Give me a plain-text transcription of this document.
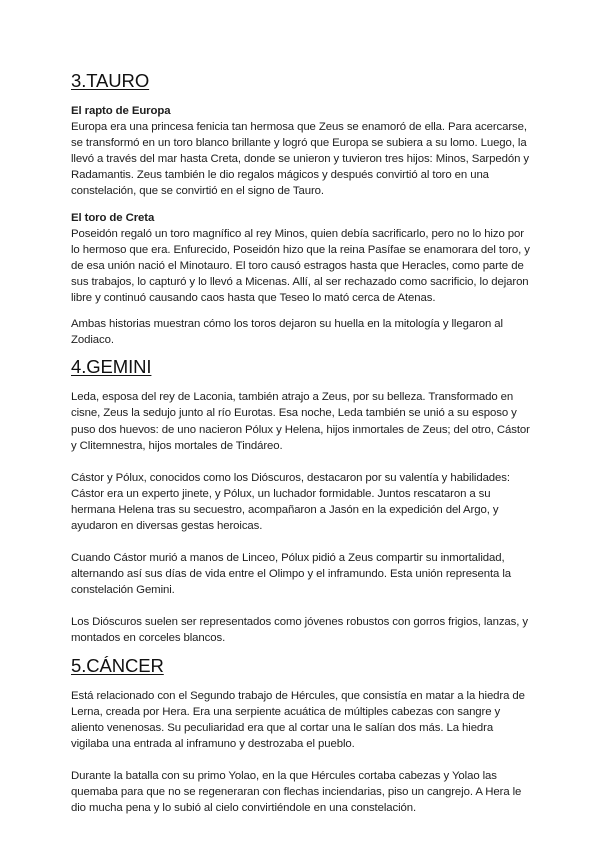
3.TAURO
El rapto de Europa

Europa era una princesa fenicia tan hermosa que Zeus se enamoró de ella. Para acercarse, se transformó en un toro blanco brillante y logró que Europa se subiera a su lomo. Luego, la llevó a través del mar hasta Creta, donde se unieron y tuvieron tres hijos: Minos, Sarpedón y Radamantis. Zeus también le dio regalos mágicos y después convirtió al toro en una constelación, que se convirtió en el signo de Tauro.

El toro de Creta

Poseidón regaló un toro magnífico al rey Minos, quien debía sacrificarlo, pero no lo hizo por lo hermoso que era. Enfurecido, Poseidón hizo que la reina Pasífae se enamorara del toro, y de esa unión nació el Minotauro. El toro causó estragos hasta que Heracles, como parte de sus trabajos, lo capturó y lo llevó a Micenas. Allí, al ser rechazado como sacrificio, lo dejaron libre y continuó causando caos hasta que Teseo lo mató cerca de Atenas.

Ambas historias muestran cómo los toros dejaron su huella en la mitología y llegaron al Zodiaco.

4.GEMINI

Leda, esposa del rey de Laconia, también atrajo a Zeus, por su belleza. Transformado en cisne, Zeus la sedujo junto al río Eurotas. Esa noche, Leda también se unió a su esposo y puso dos huevos: de uno nacieron Pólux y Helena, hijos inmortales de Zeus; del otro, Cástor y Clitemnestra, hijos mortales de Tindáreo.

Cástor y Pólux, conocidos como los Dióscuros, destacaron por su valentía y habilidades: Cástor era un experto jinete, y Pólux, un luchador formidable. Juntos rescataron a su hermana Helena tras su secuestro, acompañaron a Jasón en la expedición del Argo, y ayudaron en diversas gestas heroicas.

Cuando Cástor murió a manos de Linceo, Pólux pidió a Zeus compartir su inmortalidad, alternando así sus días de vida entre el Olimpo y el inframundo. Esta unión representa la constelación Gemini.

Los Dióscuros suelen ser representados como jóvenes robustos con gorros frigios, lanzas, y montados en corceles blancos.

5.CÁNCER

Está relacionado con el Segundo trabajo de Hércules, que consistía en matar a la hiedra de Lerna, creada por Hera. Era una serpiente acuática de múltiples cabezas con sangre y aliento venenosas. Su peculiaridad era que al cortar una le salían dos más. La hiedra vigilaba una entrada al inframuno y destrozaba el pueblo.

Durante la batalla con su primo Yolao, en la que Hércules cortaba cabezas y Yolao las quemaba para que no se regeneraran con flechas inciendarias, piso un cangrejo. A Hera le dio mucha pena y lo subió al cielo convirtiéndole en una constelación.
